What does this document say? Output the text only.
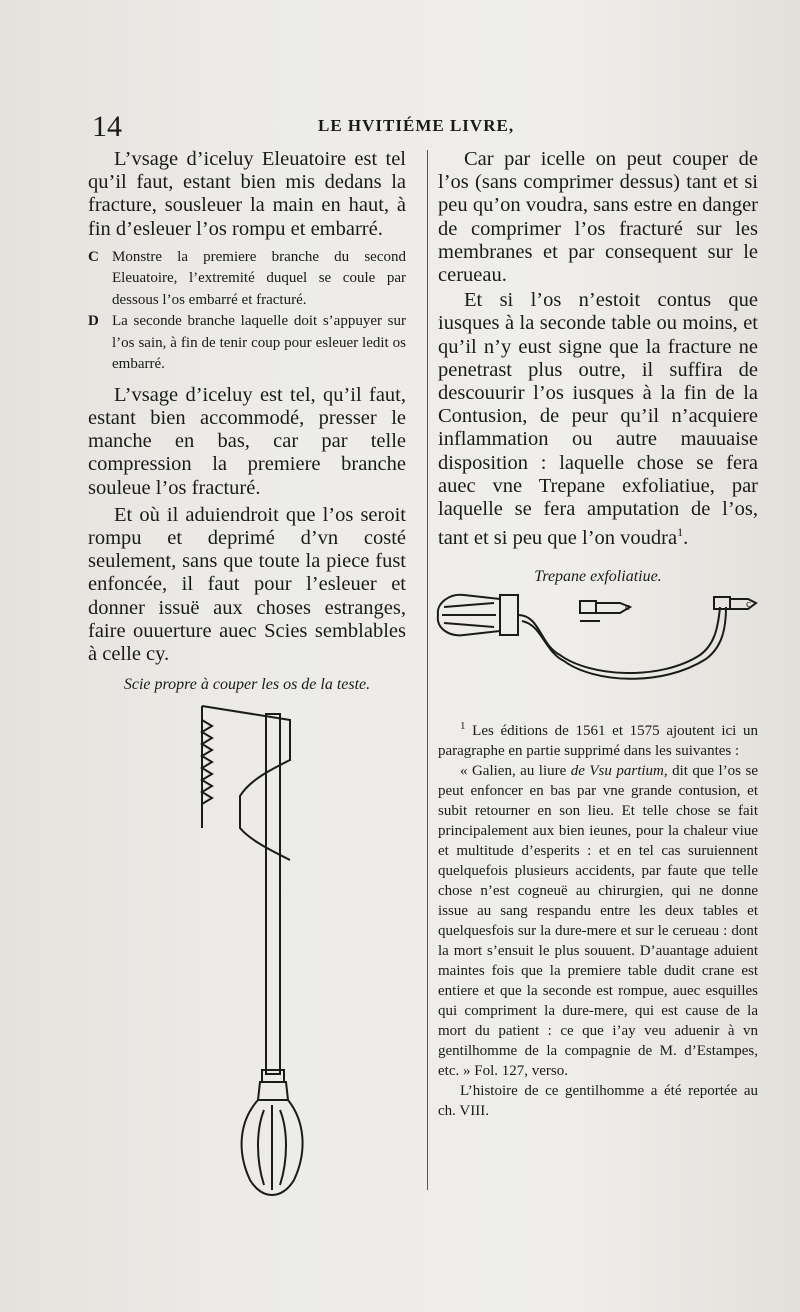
14	LE HVITIÉME LIVRE,

L’vsage d’iceluy Eleuatoire est tel qu’il faut, estant bien mis dedans la fracture, sousleuer la main en haut, à fin d’esleuer l’os rompu et embarré.

C Monstre la premiere branche du second Eleuatoire, l’extremité duquel se coule par dessous l’os embarré et fracturé.

D La seconde branche laquelle doit s’appuyer sur l’os sain, à fin de tenir coup pour esleuer ledit os embarré.

L’vsage d’iceluy est tel, qu’il faut, estant bien accommodé, presser le manche en bas, car par telle compression la premiere branche souleue l’os fracturé.

Et où il aduiendroit que l’os seroit rompu et deprimé d’vn costé seulement, sans que toute la piece fust enfoncée, il faut pour l’esleuer et donner issuë aux choses estranges, faire ouuerture auec Scies semblables à celle cy.

Scie propre à couper les os de la teste.

Car par icelle on peut couper de l’os (sans comprimer dessus) tant et si peu qu’on voudra, sans estre en danger de comprimer l’os fracturé sur les membranes et par consequent sur le cerueau.

Et si l’os n’estoit contus que iusques à la seconde table ou moins, et qu’il n’y eust signe que la fracture ne penetrast plus outre, il suffira de descouurir l’os iusques à la fin de la Contusion, de peur qu’il n’acquiere inflammation ou autre mauuaise disposition : laquelle chose se fera auec vne Trepane exfoliatiue, par laquelle se fera amputation de l’os, tant et si peu que l’on voudra$^1$.

Trepane exfoliatiue.

$^1$ Les éditions de 1561 et 1575 ajoutent ici un paragraphe en partie supprimé dans les suivantes :

« Galien, au liure de Vsu partium, dit que l’os se peut enfoncer en bas par vne grande contusion, et subit retourner en son lieu. Et telle chose se fait principalement aux bien ieunes, pour la chaleur viue et multitude d’esperits : et en tel cas suruiennent quelquefois plusieurs accidents, par faute que telle chose n’est cogneuë au chirurgien, qui ne donne issue au sang respandu entre les deux tables et quelquesfois sur la dure-mere et sur le cerueau : dont la mort s’ensuit le plus souuent. D’auantage aduient maintes fois que la premiere table dudit crane est entiere et que la seconde est rompue, auec esquilles qui compriment la dure-mere, qui est cause de la mort du patient : ce que i’ay veu aduenir à vn gentilhomme de la compagnie de M. d’Estampes, etc. » Fol. 127, verso.

L’histoire de ce gentilhomme a été reportée au ch. VIII.

c	c
